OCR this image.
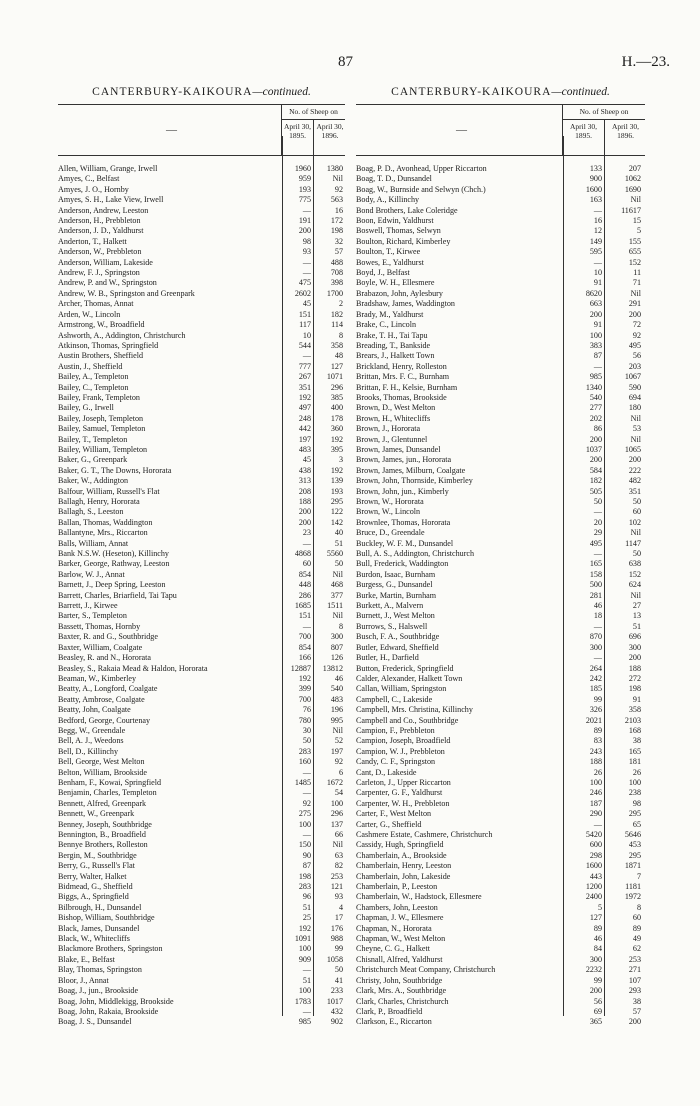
87	H.—23.
CANTERBURY-KAIKOURA—continued.
—
No. of Sheep on
April 30,
1895.
April 30,
1896.
Allen, William, Grange, Irwell	1960 1380
Amyes, C., Belfast	959	Nil
Amyes, J. O., Hornby	193	92
Amyes, S. H., Lake View, Irwell	775 563
Anderson, Andrew, Leeston	—	16
Anderson, H., Prebbleton	191 172
Anderson, J. D., Yaldhurst	200 198
Anderton, T., Halkett	98	32
Anderson, W., Prebbleton	93	57
Anderson, William, Lakeside	— 488
Andrew, F. J., Springston	— 708
Andrew, P. and W., Springston	475 398
Andrew, W. B., Springston and Greenpark	2602 1700
Archer, Thomas, Annat	45	2
Arden, W., Lincoln	151 182
Armstrong, W., Broadfield	117 114
Ashworth, A., Addington, Christchurch	10	8
Atkinson, Thomas, Springfield	544 358
Austin Brothers, Sheffield	—	48
Austin, J., Sheffield	777 127
Bailey, A., Templeton	267 1071
Bailey, C., Templeton	351 296
Bailey, Frank, Templeton	192 385
Bailey, G., Irwell	497 400
Bailey, Joseph, Templeton	248 178
Bailey, Samuel, Templeton	442 360
Bailey, T., Templeton	197 192
Bailey, William, Templeton	483 395
Baker, G., Greenpark	45	3
Baker, G. T., The Downs, Hororata	438 192
Baker, W., Addington	313 139
Balfour, William, Russell's Flat	208 193
Ballagh, Henry, Hororata	188 295
Ballagh, S., Leeston	200 122
Ballan, Thomas, Waddington	200 142
Ballantyne, Mrs., Riccarton	23	40
Balls, William, Annat	—	51
Bank N.S.W. (Heseton), Killinchy	4868 5560
Barker, George, Rathway, Leeston	60	50
Barlow, W. J., Annat	854	Nil
Barnett, J., Deep Spring, Leeston	448 468
Barrett, Charles, Briarfield, Tai Tapu	286 377
Barrett, J., Kirwee	1685 1511
Barter, S., Templeton	151	Nil
Bassett, Thomas, Hornby	—	8
Baxter, R. and G., Southbridge	700 300
Baxter, William, Coalgate	854 807
Beasley, R. and N., Hororata	166 126
Beasley, S., Rakaia Mead & Haldon, Hororata	12887 13812
Beaman, W., Kimberley	192	46
Beatty, A., Longford, Coalgate	399 540
Beatty, Ambrose, Coalgate	700 483
Beatty, John, Coalgate	76 196
Bedford, George, Courtenay	780 995
Begg, W., Greendale	30	Nil
Bell, A. J., Weedons	50	52
Bell, D., Killinchy	283 197
Bell, George, West Melton	160	92
Belton, William, Brookside	—	6
Benham, F., Kowai, Springfield	1485 1672
Benjamin, Charles, Templeton	—	54
Bennett, Alfred, Greenpark	92 100
Bennett, W., Greenpark	275 296
Benney, Joseph, Southbridge	100 137
Bennington, B., Broadfield	—	66
Bennye Brothers, Rolleston	150	Nil
Bergin, M., Southbridge	90	63
Berry, G., Russell's Flat	87	82
Berry, Walter, Halket	198 253
Bidmead, G., Sheffield	283 121
Biggs, A., Springfield	96	93
Bilbrough, H., Dunsandel	51	4
Bishop, William, Southbridge	25	17
Black, James, Dunsandel	192 176
Black, W., Whitecliffs	1091 988
Blackmore Brothers, Springston	100	99
Blake, E., Belfast	909 1058
Blay, Thomas, Springston	—	50
Bloor, J., Annat	51	41
Boag, J., jun., Brookside	100 233
Boag, John, Middlekigg, Brookside	1783 1017
Boag, John, Rakaia, Brookside	— 432
Boag, J. S., Dunsandel	985 902
CANTERBURY-KAIKOURA—continued.
—
No. of Sheep on
April 30,
1895.
April 30,
1896.
Boag, P. D., Avonhead, Upper Riccarton	133	207
Boag, T. D., Dunsandel	900	1062
Boag, W., Burnside and Selwyn (Chch.)	1600	1690
Body, A., Killinchy	163	Nil
Bond Brothers, Lake Coleridge	— 11617
Boon, Edwin, Yaldhurst	16	15
Boswell, Thomas, Selwyn	12	5
Boulton, Richard, Kimberley	149	155
Boulton, T., Kirwee	595	655
Bowes, E., Yaldhurst	—	152
Boyd, J., Belfast	10	11
Boyle, W. H., Ellesmere	91	71
Brabazon, John, Aylesbury	8620	Nil
Bradshaw, James, Waddington	663	291
Brady, M., Yaldhurst	200	200
Brake, C., Lincoln	91	72
Brake, T. H., Tai Tapu	100	92
Breading, T., Bankside	383	495
Brears, J., Halkett Town	87	56
Brickland, Henry, Rolleston	—	203
Brittan, Mrs. F. C., Burnham	985	1067
Brittan, F. H., Kelsie, Burnham	1340	590
Brooks, Thomas, Brookside	540	694
Brown, D., West Melton	277	180
Brown, H., Whitecliffs	202	Nil
Brown, J., Hororata	86	53
Brown, J., Glentunnel	200	Nil
Brown, James, Dunsandel	1037	1065
Brown, James, jun., Hororata	200	200
Brown, James, Milburn, Coalgate	584	222
Brown, John, Thornside, Kimberley	182	482
Brown, John, jun., Kimberly	505	351
Brown, W., Hororata	50	50
Brown, W., Lincoln	—	60
Brownlee, Thomas, Hororata	20	102
Bruce, D., Greendale	29	Nil
Buckley, W. F. M., Dunsandel	495	1147
Bull, A. S., Addington, Christchurch	—	50
Bull, Frederick, Waddington	165	638
Burdon, Isaac, Burnham	158	152
Burgess, G., Dunsandel	500	624
Burke, Martin, Burnham	281	Nil
Burkett, A., Malvern	46	27
Burnett, J., West Melton	18	13
Burrows, S., Halswell	—	51
Busch, F. A., Southbridge	870	696
Butler, Edward, Sheffield	300	300
Butler, H., Darfield	—	200
Button, Frederick, Springfield	264	188
Calder, Alexander, Halkett Town	242	272
Callan, William, Springston	185	198
Campbell, C., Lakeside	99	91
Campbell, Mrs. Christina, Killinchy	326	358
Campbell and Co., Southbridge	2021	2103
Campion, F., Prebbleton	89	168
Campion, Joseph, Broadfield	83	38
Campion, W. J., Prebbleton	243	165
Candy, C. F., Springston	188	181
Cant, D., Lakeside	26	26
Carleton, J., Upper Riccarton	100	100
Carpenter, G. F., Yaldhurst	246	238
Carpenter, W. H., Prebbleton	187	98
Carter, F., West Melton	290	295
Carter, G., Sheffield	—	65
Cashmere Estate, Cashmere, Christchurch	5420	5646
Cassidy, Hugh, Springfield	600	453
Chamberlain, A., Brookside	298	295
Chamberlain, Henry, Leeston	1600	1871
Chamberlain, John, Lakeside	443	7
Chamberlain, P., Leeston	1200	1181
Chamberlain, W., Hadstock, Ellesmere	2400	1972
Chambers, John, Leeston	5	8
Chapman, J. W., Ellesmere	127	60
Chapman, N., Hororata	89	89
Chapman, W., West Melton	46	49
Cheyne, C. G., Halkett	84	62
Chisnall, Alfred, Yaldhurst	300	253
Christchurch Meat Company, Christchurch	2232	271
Christy, John, Southbridge	99	107
Clark, Mrs. A., Southbridge	200	293
Clark, Charles, Christchurch	56	38
Clark, P., Broadfield	69	57
Clarkson, E., Riccarton	365	200
